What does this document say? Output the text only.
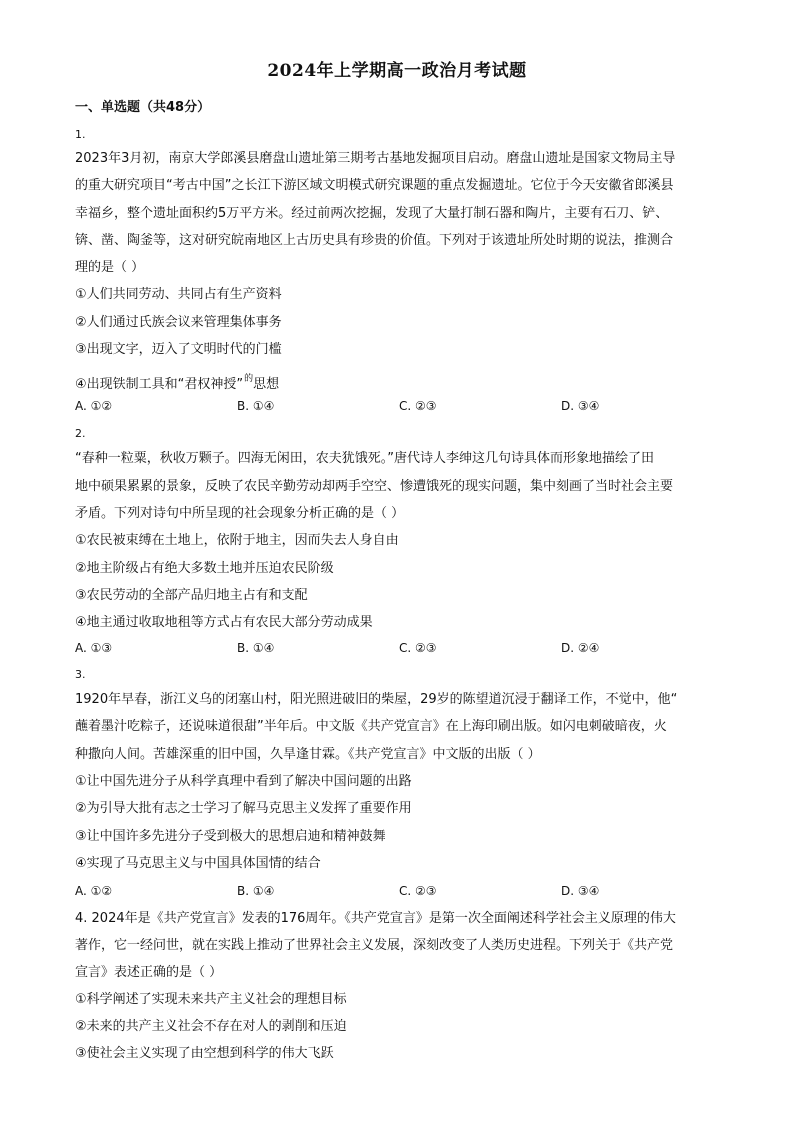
2024年上学期高一政治月考试题
一、单选题（共48分）
1.
2023年3月初，南京大学郎溪县磨盘山遗址第三期考古基地发掘项目启动。磨盘山遗址是国家文物局主导
的重大研究项目“考古中国”之长江下游区域文明模式研究课题的重点发掘遗址。它位于今天安徽省郎溪县
幸福乡，整个遗址面积约5万平方米。经过前两次挖掘，发现了大量打制石器和陶片，主要有石刀、铲、
锛、凿、陶釜等，这对研究皖南地区上古历史具有珍贵的价值。下列对于该遗址所处时期的说法，推测合
理的是（ ）
①人们共同劳动、共同占有生产资料
②人们通过氏族会议来管理集体事务
③出现文字，迈入了文明时代的门槛
④出现铁制工具和“君权神授”$^的$思想
A. ①②	B. ①④	C. ②③	D. ③④
2.
“春种一粒粟，秋收万颗子。四海无闲田，农夫犹饿死。”唐代诗人李绅这几句诗具体而形象地描绘了田
地中硕果累累的景象，反映了农民辛勤劳动却两手空空、惨遭饿死的现实问题，集中刻画了当时社会主要
矛盾。下列对诗句中所呈现的社会现象分析正确的是（ ）
①农民被束缚在土地上，依附于地主，因而失去人身自由
②地主阶级占有绝大多数土地并压迫农民阶级
③农民劳动的全部产品归地主占有和支配
④地主通过收取地租等方式占有农民大部分劳动成果
A. ①③	B. ①④	C. ②③	D. ②④
3.
1920年早春，浙江义乌的闭塞山村，阳光照进破旧的柴屋，29岁的陈望道沉浸于翻译工作，不觉中，他“
蘸着墨汁吃粽子，还说味道很甜”半年后。中文版《共产党宣言》在上海印刷出版。如闪电刺破暗夜，火
种撒向人间。苦雄深重的旧中国，久旱逢甘霖。《共产党宣言》中文版的出版（ ）
①让中国先进分子从科学真理中看到了解决中国问题的出路
②为引导大批有志之士学习了解马克思主义发挥了重要作用
③让中国许多先进分子受到极大的思想启迪和精神鼓舞
④实现了马克思主义与中国具体国情的结合
A. ①②	B. ①④	C. ②③	D. ③④
4. 2024年是《共产党宣言》发表的176周年。《共产党宣言》是第一次全面阐述科学社会主义原理的伟大
著作，它一经问世，就在实践上推动了世界社会主义发展，深刻改变了人类历史进程。下列关于《共产党
宣言》表述正确的是（ ）
①科学阐述了实现未来共产主义社会的理想目标
②未来的共产主义社会不存在对人的剥削和压迫
③使社会主义实现了由空想到科学的伟大飞跃
